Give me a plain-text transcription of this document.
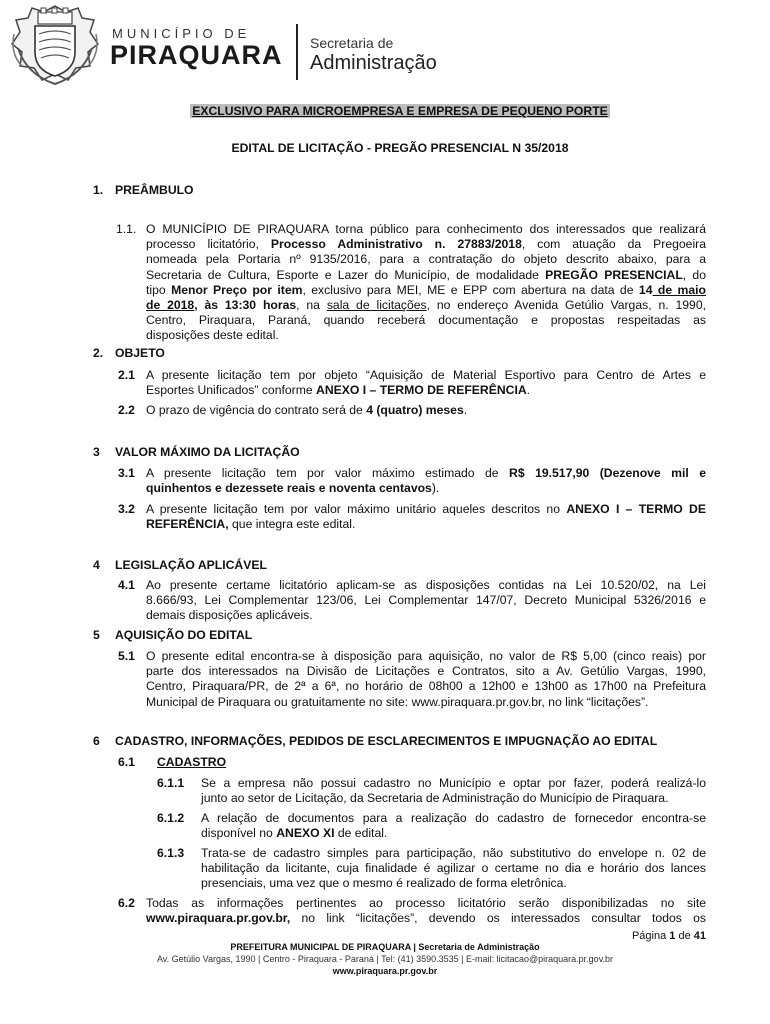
MUNICÍPIO DE
PIRAQUARA Secretaria de
Administração
EXCLUSIVO PARA MICROEMPRESA E EMPRESA DE PEQUENO PORTE
EDITAL DE LICITAÇÃO - PREGÃO PRESENCIAL N 35/2018
1. PREÂMBULO
1.1. O MUNICÍPIO DE PIRAQUARA torna público para conhecimento dos interessados que realizará
processo licitatório, Processo Administrativo n. 27883/2018, com atuação da Pregoeira
nomeada pela Portaria nº 9135/2016, para a contratação do objeto descrito abaixo, para a
Secretaria de Cultura, Esporte e Lazer do Município, de modalidade PREGÃO PRESENCIAL, do
tipo Menor Preço por item, exclusivo para MEI, ME e EPP com abertura na data de 14 de maio
de 2018, às 13:30 horas, na sala de licitações, no endereço Avenida Getúlio Vargas, n. 1990,
Centro, Piraquara, Paraná, quando receberá documentação e propostas respeitadas as
disposições deste edital.
2. OBJETO
2.1 A presente licitação tem por objeto “Aquisição de Material Esportivo para Centro de Artes e
Esportes Unificados” conforme ANEXO I – TERMO DE REFERÊNCIA.
2.2 O prazo de vigência do contrato será de 4 (quatro) meses.
3 VALOR MÁXIMO DA LICITAÇÃO
3.1 A presente licitação tem por valor máximo estimado de R$ 19.517,90 (Dezenove mil e
quinhentos e dezessete reais e noventa centavos).
3.2 A presente licitação tem por valor máximo unitário aqueles descritos no ANEXO I – TERMO DE
REFERÊNCIA, que integra este edital.
4 LEGISLAÇÃO APLICÁVEL
4.1 Ao presente certame licitatório aplicam-se as disposições contidas na Lei 10.520/02, na Lei
8.666/93, Lei Complementar 123/06, Lei Complementar 147/07, Decreto Municipal 5326/2016 e
demais disposições aplicáveis.
5 AQUISIÇÃO DO EDITAL
5.1 O presente edital encontra-se à disposição para aquisição, no valor de R$ 5,00 (cinco reais) por
parte dos interessados na Divisão de Licitações e Contratos, sito a Av. Getúlio Vargas, 1990,
Centro, Piraquara/PR, de 2ª a 6ª, no horário de 08h00 a 12h00 e 13h00 as 17h00 na Prefeitura
Municipal de Piraquara ou gratuitamente no site: www.piraquara.pr.gov.br, no link “licitações”.
6 CADASTRO, INFORMAÇÕES, PEDIDOS DE ESCLARECIMENTOS E IMPUGNAÇÃO AO EDITAL
6.1 CADASTRO
6.1.1 Se a empresa não possui cadastro no Município e optar por fazer, poderá realizá-lo
junto ao setor de Licitação, da Secretaria de Administração do Município de Piraquara.
6.1.2 A relação de documentos para a realização do cadastro de fornecedor encontra-se
disponível no ANEXO XI de edital.
6.1.3 Trata-se de cadastro simples para participação, não substitutivo do envelope n. 02 de
habilitação da licitante, cuja finalidade é agilizar o certame no dia e horário dos lances
presenciais, uma vez que o mesmo é realizado de forma eletrônica.
6.2 Todas as informações pertinentes ao processo licitatório serão disponibilizadas no site
www.piraquara.pr.gov.br, no link “licitações”, devendo os interessados consultar todos os
Página 1 de 41
PREFEITURA MUNICIPAL DE PIRAQUARA | Secretaria de Administração
Av. Getúlio Vargas, 1990 | Centro - Piraquara - Paraná | Tel: (41) 3590.3535 | E-mail: licitacao@piraquara.pr.gov.br
www.piraquara.pr.gov.br
